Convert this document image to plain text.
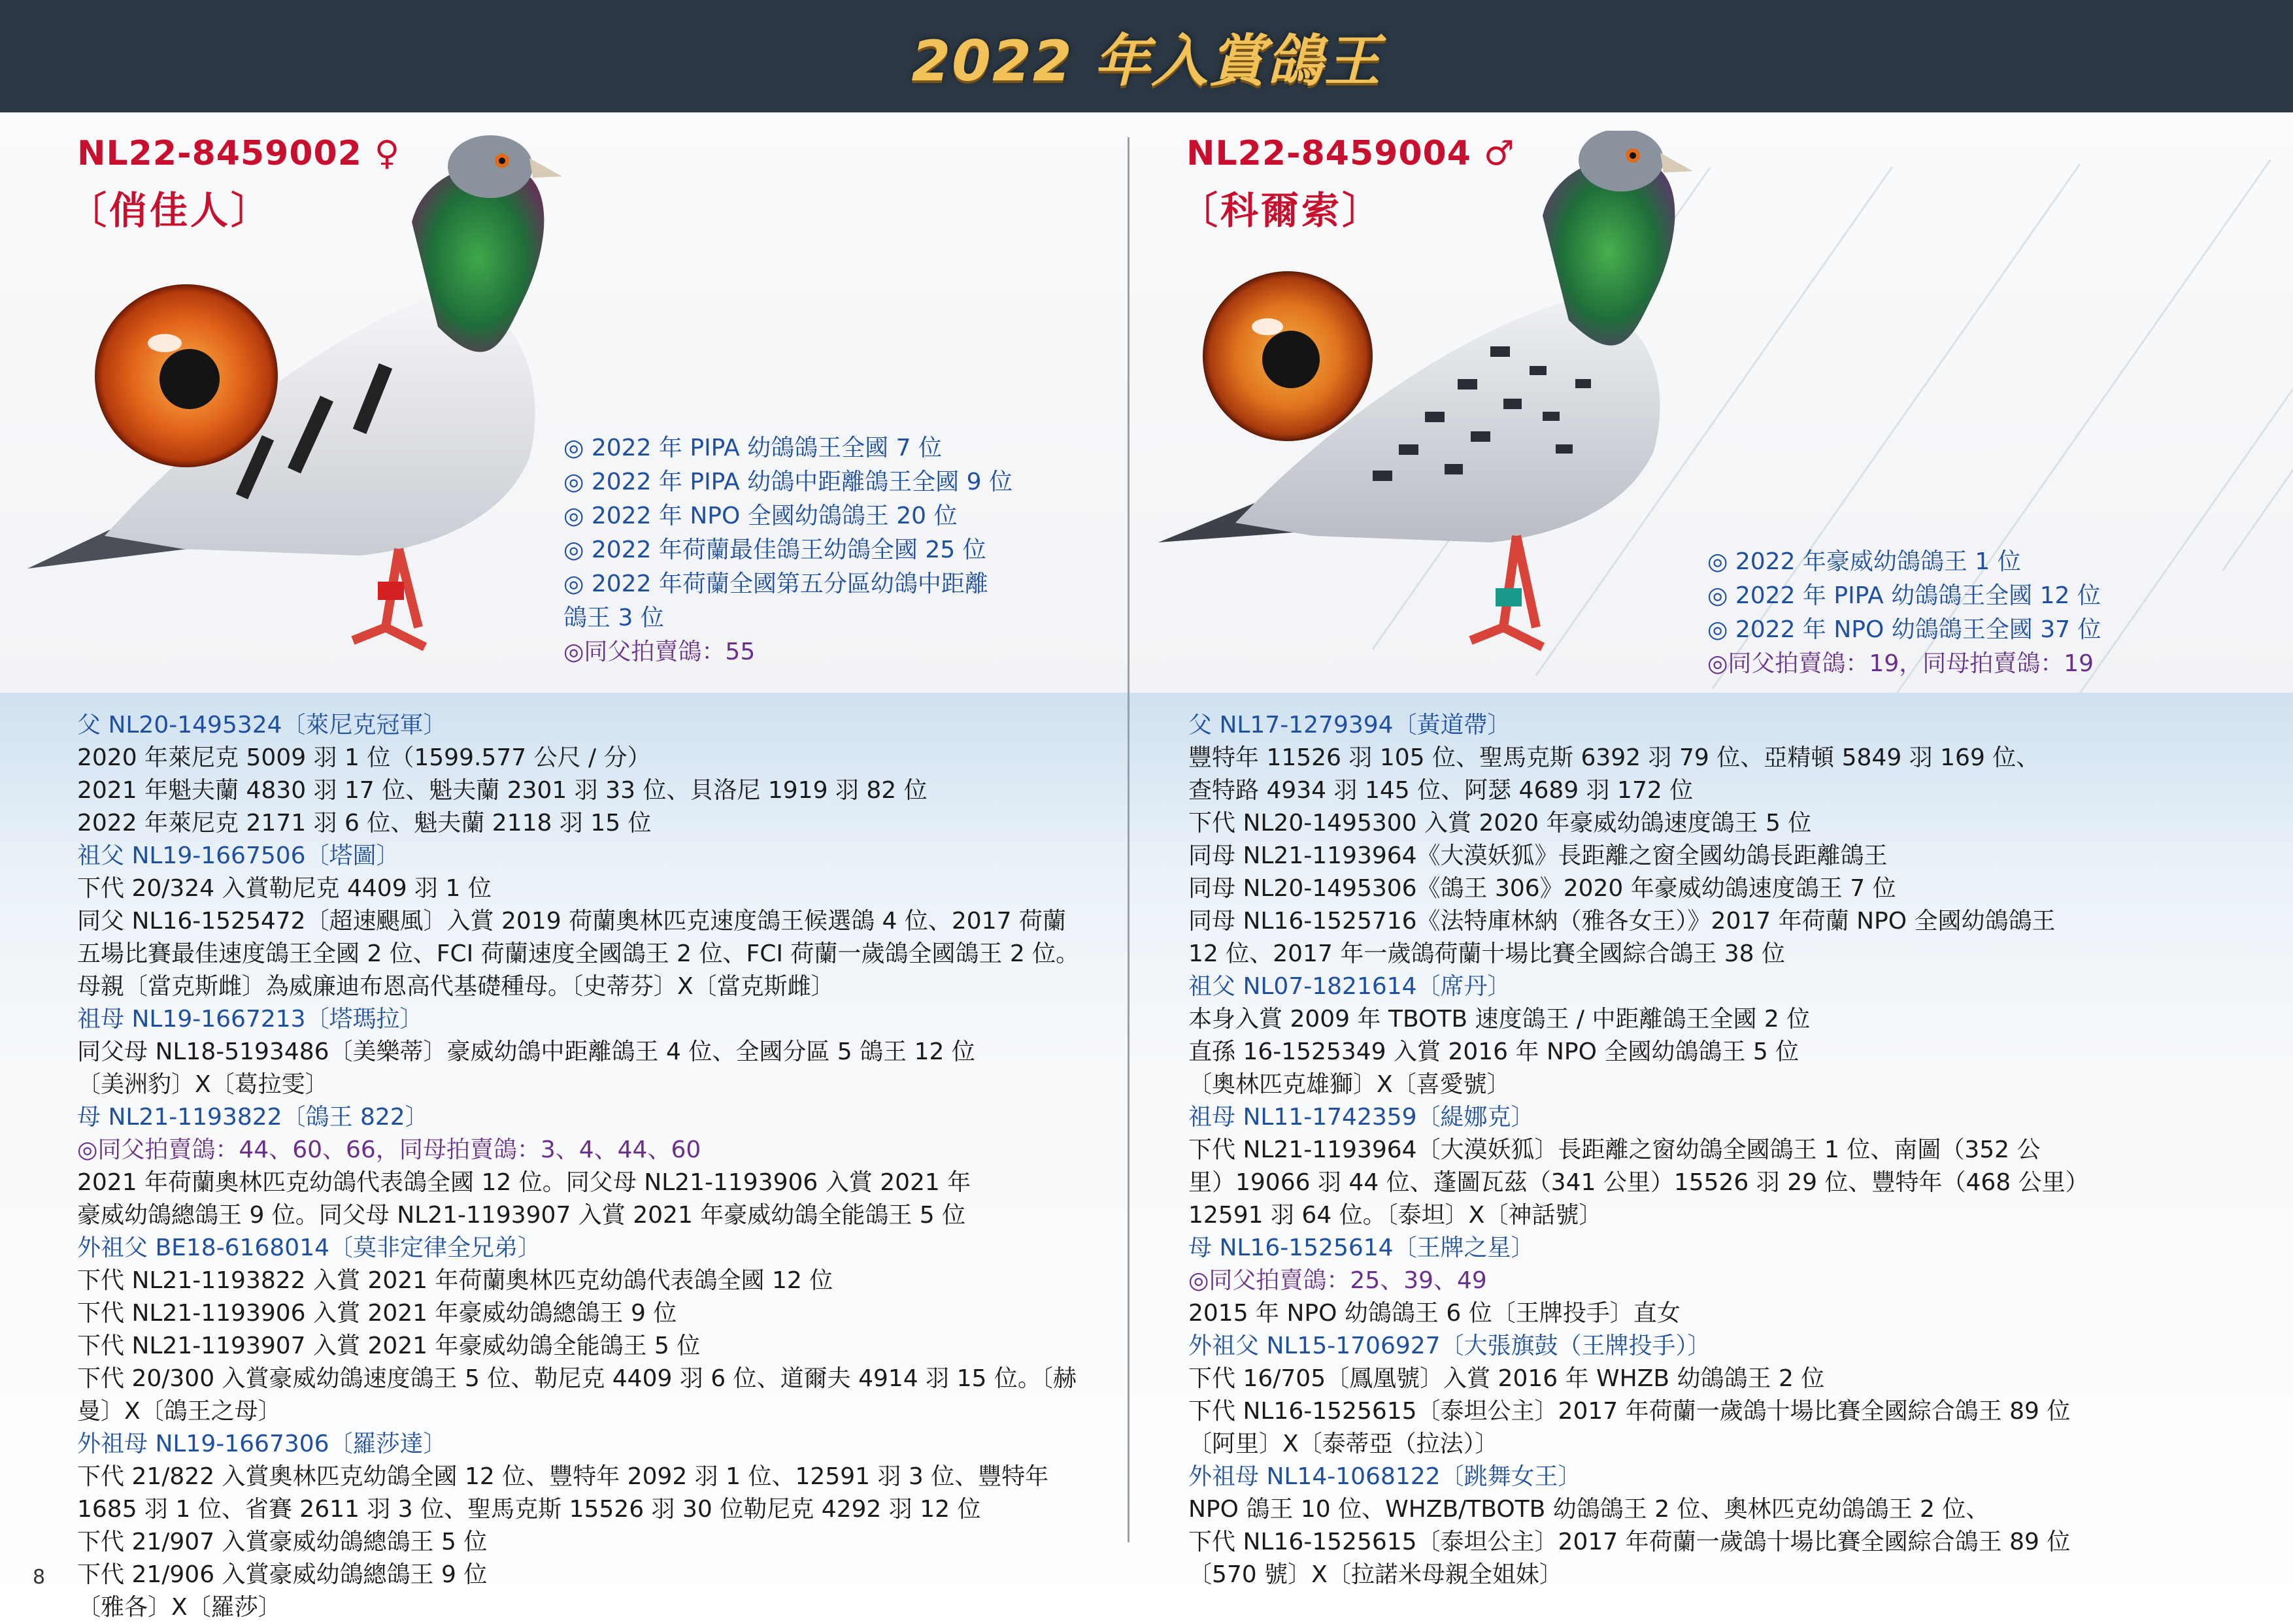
2022 年入賞鴿王
NL22-8459002 ♀
〔俏佳人〕
◎ 2022 年 PIPA 幼鴿鴿王全國 7 位
◎ 2022 年 PIPA 幼鴿中距離鴿王全國 9 位
◎ 2022 年 NPO 全國幼鴿鴿王 20 位
◎ 2022 年荷蘭最佳鴿王幼鴿全國 25 位
◎ 2022 年荷蘭全國第五分區幼鴿中距離
鴿王 3 位
◎同父拍賣鴿：55
NL22-8459004 ♂
〔科爾索〕
◎ 2022 年豪威幼鴿鴿王 1 位
◎ 2022 年 PIPA 幼鴿鴿王全國 12 位
◎ 2022 年 NPO 幼鴿鴿王全國 37 位
◎同父拍賣鴿：19，同母拍賣鴿：19
父 NL20-1495324〔萊尼克冠軍〕
2020 年萊尼克 5009 羽 1 位（1599.577 公尺 / 分）
2021 年魁夫蘭 4830 羽 17 位、魁夫蘭 2301 羽 33 位、貝洛尼 1919 羽 82 位
2022 年萊尼克 2171 羽 6 位、魁夫蘭 2118 羽 15 位
祖父 NL19-1667506〔塔圖〕
下代 20/324 入賞勒尼克 4409 羽 1 位
同父 NL16-1525472〔超速颶風〕入賞 2019 荷蘭奧林匹克速度鴿王候選鴿 4 位、2017 荷蘭
五場比賽最佳速度鴿王全國 2 位、FCI 荷蘭速度全國鴿王 2 位、FCI 荷蘭一歲鴿全國鴿王 2 位。
母親〔當克斯雌〕為威廉迪布恩高代基礎種母。〔史蒂芬〕X〔當克斯雌〕
祖母 NL19-1667213〔塔瑪拉〕
同父母 NL18-5193486〔美樂蒂〕豪威幼鴿中距離鴿王 4 位、全國分區 5 鴿王 12 位
〔美洲豹〕X〔葛拉雯〕
母 NL21-1193822〔鴿王 822〕
◎同父拍賣鴿：44、60、66，同母拍賣鴿：3、4、44、60
2021 年荷蘭奧林匹克幼鴿代表鴿全國 12 位。同父母 NL21-1193906 入賞 2021 年
豪威幼鴿總鴿王 9 位。同父母 NL21-1193907 入賞 2021 年豪威幼鴿全能鴿王 5 位
外祖父 BE18-6168014〔莫非定律全兄弟〕
下代 NL21-1193822 入賞 2021 年荷蘭奧林匹克幼鴿代表鴿全國 12 位
下代 NL21-1193906 入賞 2021 年豪威幼鴿總鴿王 9 位
下代 NL21-1193907 入賞 2021 年豪威幼鴿全能鴿王 5 位
下代 20/300 入賞豪威幼鴿速度鴿王 5 位、勒尼克 4409 羽 6 位、道爾夫 4914 羽 15 位。〔赫
曼〕X〔鴿王之母〕
外祖母 NL19-1667306〔羅莎達〕
下代 21/822 入賞奧林匹克幼鴿全國 12 位、豐特年 2092 羽 1 位、12591 羽 3 位、豐特年
1685 羽 1 位、省賽 2611 羽 3 位、聖馬克斯 15526 羽 30 位勒尼克 4292 羽 12 位
下代 21/907 入賞豪威幼鴿總鴿王 5 位
下代 21/906 入賞豪威幼鴿總鴿王 9 位
〔雅各〕X〔羅莎〕
父 NL17-1279394〔黃道帶〕
豐特年 11526 羽 105 位、聖馬克斯 6392 羽 79 位、亞精頓 5849 羽 169 位、
查特路 4934 羽 145 位、阿瑟 4689 羽 172 位
下代 NL20-1495300 入賞 2020 年豪威幼鴿速度鴿王 5 位
同母 NL21-1193964《大漠妖狐》長距離之窗全國幼鴿長距離鴿王
同母 NL20-1495306《鴿王 306》2020 年豪威幼鴿速度鴿王 7 位
同母 NL16-1525716《法特庫林納（雅各女王）》2017 年荷蘭 NPO 全國幼鴿鴿王
12 位、2017 年一歲鴿荷蘭十場比賽全國綜合鴿王 38 位
祖父 NL07-1821614〔席丹〕
本身入賞 2009 年 TBOTB 速度鴿王 / 中距離鴿王全國 2 位
直孫 16-1525349 入賞 2016 年 NPO 全國幼鴿鴿王 5 位
〔奧林匹克雄獅〕X〔喜愛號〕
祖母 NL11-1742359〔緹娜克〕
下代 NL21-1193964〔大漠妖狐〕長距離之窗幼鴿全國鴿王 1 位、南圖（352 公
里）19066 羽 44 位、蓬圖瓦茲（341 公里）15526 羽 29 位、豐特年（468 公里）
12591 羽 64 位。〔泰坦〕X〔神話號〕
母 NL16-1525614〔王牌之星〕
◎同父拍賣鴿：25、39、49
2015 年 NPO 幼鴿鴿王 6 位〔王牌投手〕直女
外祖父 NL15-1706927〔大張旗鼓（王牌投手）〕
下代 16/705〔鳳凰號〕入賞 2016 年 WHZB 幼鴿鴿王 2 位
下代 NL16-1525615〔泰坦公主〕2017 年荷蘭一歲鴿十場比賽全國綜合鴿王 89 位
〔阿里〕X〔泰蒂亞（拉法）〕
外祖母 NL14-1068122〔跳舞女王〕
NPO 鴿王 10 位、WHZB/TBOTB 幼鴿鴿王 2 位、奧林匹克幼鴿鴿王 2 位、
下代 NL16-1525615〔泰坦公主〕2017 年荷蘭一歲鴿十場比賽全國綜合鴿王 89 位
〔570 號〕X〔拉諾米母親全姐妹〕
8
